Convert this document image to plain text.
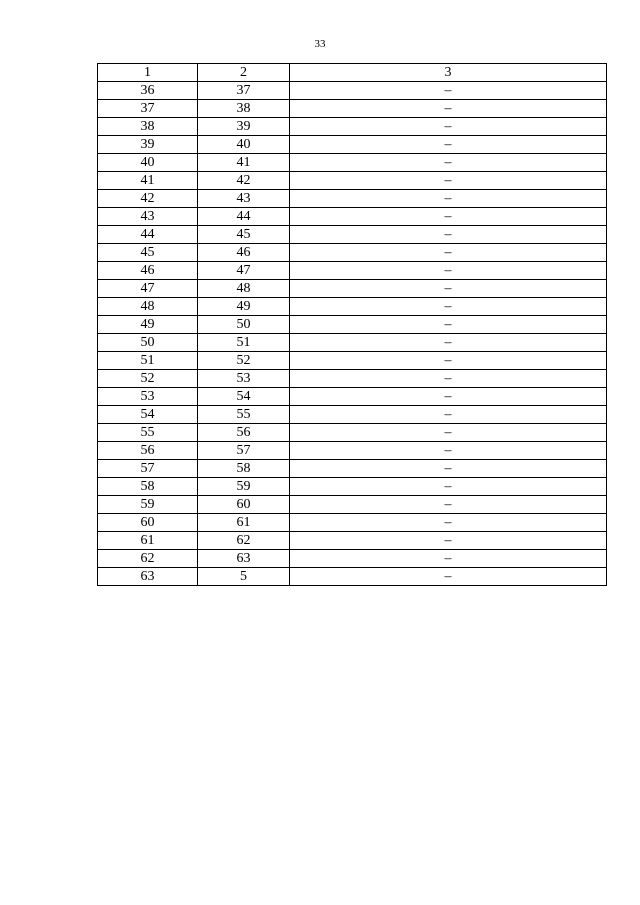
33
1	2	3
36	37	–
37	38	–
38	39	–
39	40	–
40	41	–
41	42	–
42	43	–
43	44	–
44	45	–
45	46	–
46	47	–
47	48	–
48	49	–
49	50	–
50	51	–
51	52	–
52	53	–
53	54	–
54	55	–
55	56	–
56	57	–
57	58	–
58	59	–
59	60	–
60	61	–
61	62	–
62	63	–
63	5	–
